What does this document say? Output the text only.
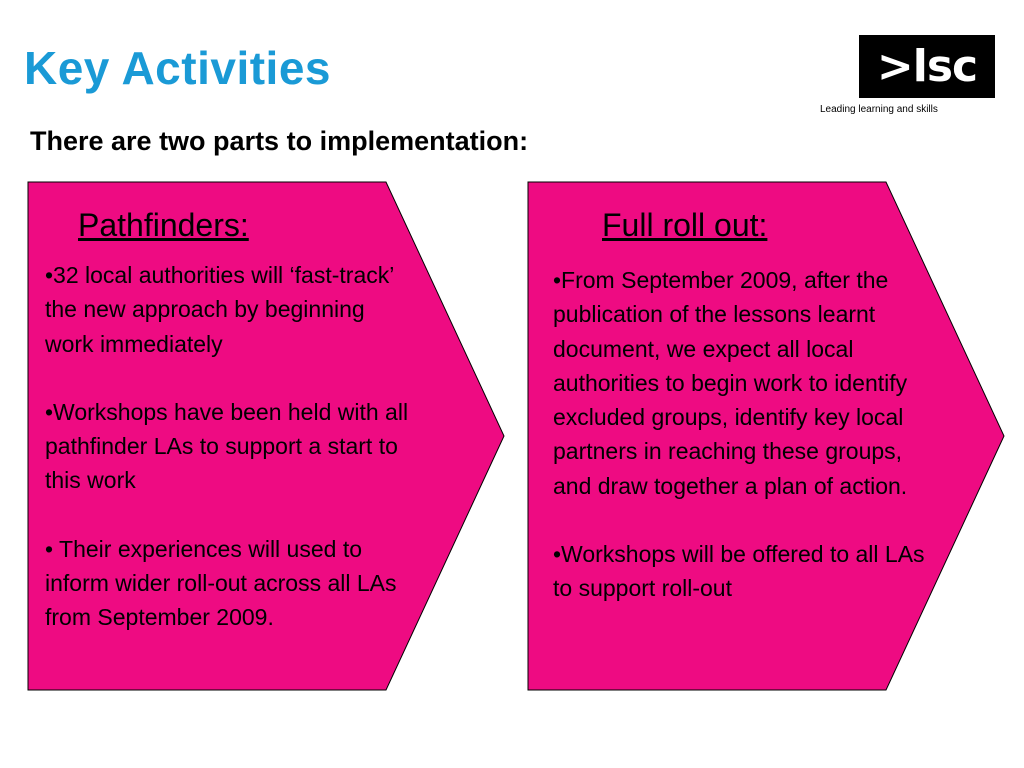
Key Activities	>lsc
Leading learning and skills
There are two parts to implementation:
Pathfinders:

•32 local authorities will ‘fast-track’ the new approach by beginning work immediately

•Workshops have been held with all pathfinder LAs to support a start to this work

• Their experiences will used to inform wider roll-out across all LAs from September 2009.

Full roll out:

•From September 2009, after the publication of the lessons learnt document, we expect all local authorities to begin work to identify excluded groups, identify key local partners in reaching these groups, and draw together a plan of action.

•Workshops will be offered to all LAs to support roll-out
